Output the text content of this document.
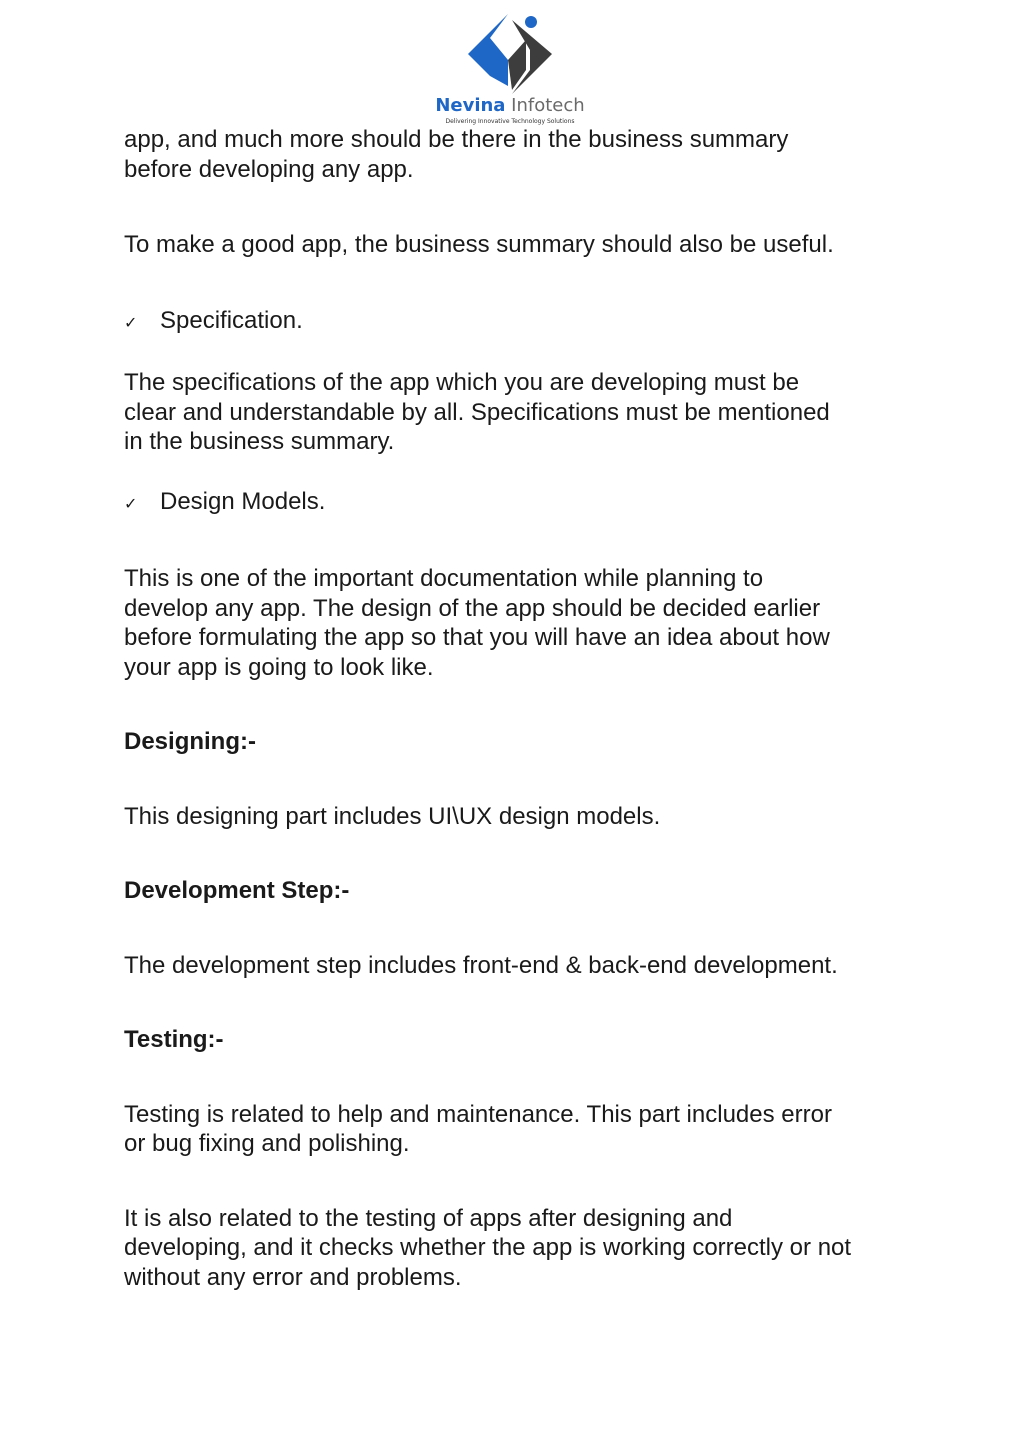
Nevina Infotech
Delivering Innovative Technology Solutions

app, and much more should be there in the business summary
before developing any app.

To make a good app, the business summary should also be useful.

✓ Specification.

The specifications of the app which you are developing must be
clear and understandable by all. Specifications must be mentioned
in the business summary.

✓ Design Models.

This is one of the important documentation while planning to
develop any app. The design of the app should be decided earlier
before formulating the app so that you will have an idea about how
your app is going to look like.

Designing:-

This designing part includes UI\UX design models.

Development Step:-

The development step includes front-end & back-end development.

Testing:-

Testing is related to help and maintenance. This part includes error
or bug fixing and polishing.

It is also related to the testing of apps after designing and
developing, and it checks whether the app is working correctly or not
without any error and problems.
